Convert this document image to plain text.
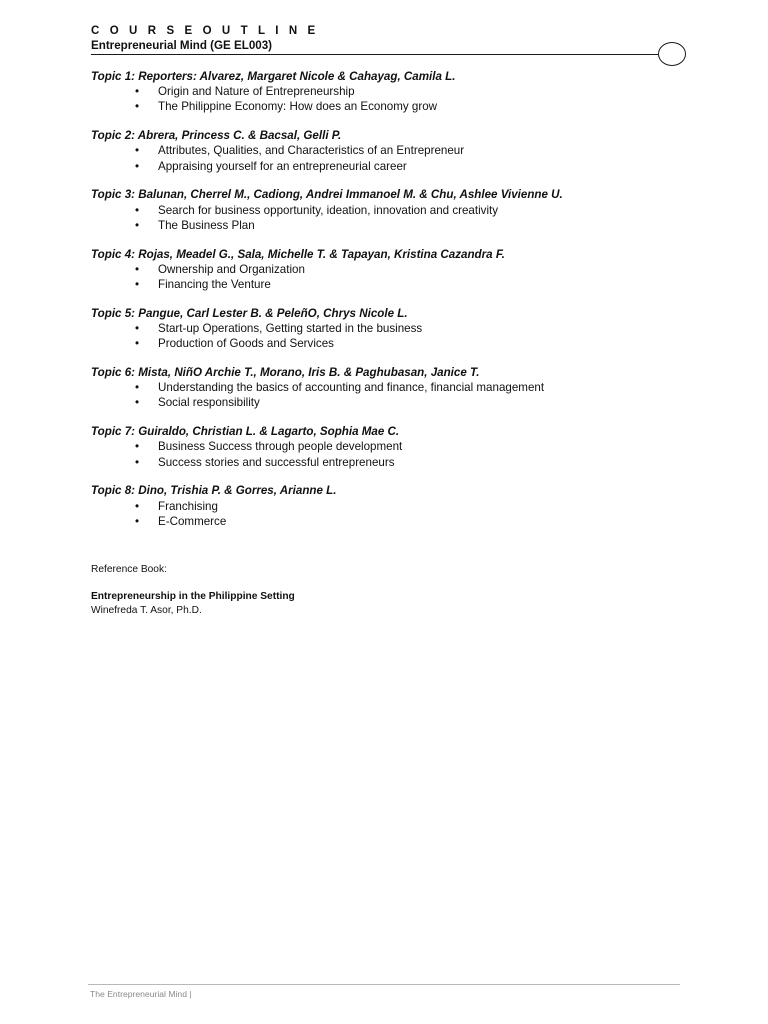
C O U R S E O U T L I N E
Entrepreneurial Mind (GE EL003)
Topic 1: Reporters: Alvarez, Margaret Nicole & Cahayag, Camila L.
• Origin and Nature of Entrepreneurship
• The Philippine Economy: How does an Economy grow
Topic 2: Abrera, Princess C. & Bacsal, Gelli P.
• Attributes, Qualities, and Characteristics of an Entrepreneur
• Appraising yourself for an entrepreneurial career
Topic 3: Balunan, Cherrel M., Cadiong, Andrei Immanoel M. & Chu, Ashlee Vivienne U.
• Search for business opportunity, ideation, innovation and creativity
• The Business Plan
Topic 4: Rojas, Meadel G., Sala, Michelle T. & Tapayan, Kristina Cazandra F.
• Ownership and Organization
• Financing the Venture
Topic 5: Pangue, Carl Lester B. & PeleñO, Chrys Nicole L.
• Start-up Operations, Getting started in the business
• Production of Goods and Services
Topic 6: Mista, NiñO Archie T., Morano, Iris B. & Paghubasan, Janice T.
• Understanding the basics of accounting and finance, financial management
• Social responsibility
Topic 7: Guiraldo, Christian L. & Lagarto, Sophia Mae C.
• Business Success through people development
• Success stories and successful entrepreneurs
Topic 8: Dino, Trishia P. & Gorres, Arianne L.
• Franchising
• E-Commerce
Reference Book:
Entrepreneurship in the Philippine Setting
Winefreda T. Asor, Ph.D.
The Entrepreneurial Mind |
